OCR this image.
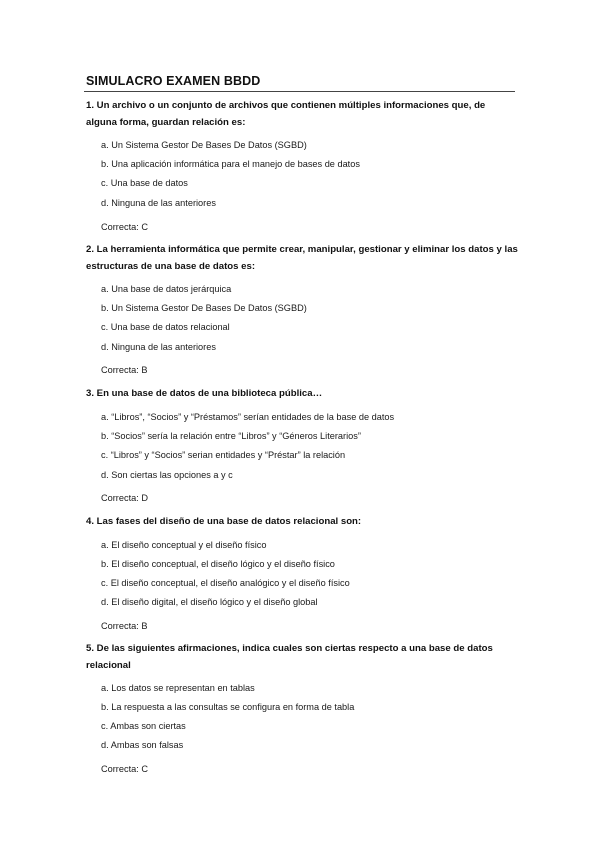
SIMULACRO EXAMEN BBDD

1. Un archivo o un conjunto de archivos que contienen múltiples informaciones que, de alguna forma, guardan relación es:

a. Un Sistema Gestor De Bases De Datos (SGBD)
b. Una aplicación informática para el manejo de bases de datos
c. Una base de datos
d. Ninguna de las anteriores
Correcta: C

2. La herramienta informática que permite crear, manipular, gestionar y eliminar los datos y las estructuras de una base de datos es:

a. Una base de datos jerárquica
b. Un Sistema Gestor De Bases De Datos (SGBD)
c. Una base de datos relacional
d. Ninguna de las anteriores
Correcta: B

3. En una base de datos de una biblioteca pública…

a. “Libros”, “Socios” y “Préstamos” serían entidades de la base de datos
b. “Socios” sería la relación entre “Libros” y “Géneros Literarios”
c. “Libros” y “Socios” serian entidades y “Préstar” la relación
d. Son ciertas las opciones a y c
Correcta: D

4. Las fases del diseño de una base de datos relacional son:

a. El diseño conceptual y el diseño físico
b. El diseño conceptual, el diseño lógico y el diseño físico
c. El diseño conceptual, el diseño analógico y el diseño físico
d. El diseño digital, el diseño lógico y el diseño global
Correcta: B

5. De las siguientes afirmaciones, indica cuales son ciertas respecto a una base de datos relacional

a. Los datos se representan en tablas
b. La respuesta a las consultas se configura en forma de tabla
c. Ambas son ciertas
d. Ambas son falsas
Correcta: C
